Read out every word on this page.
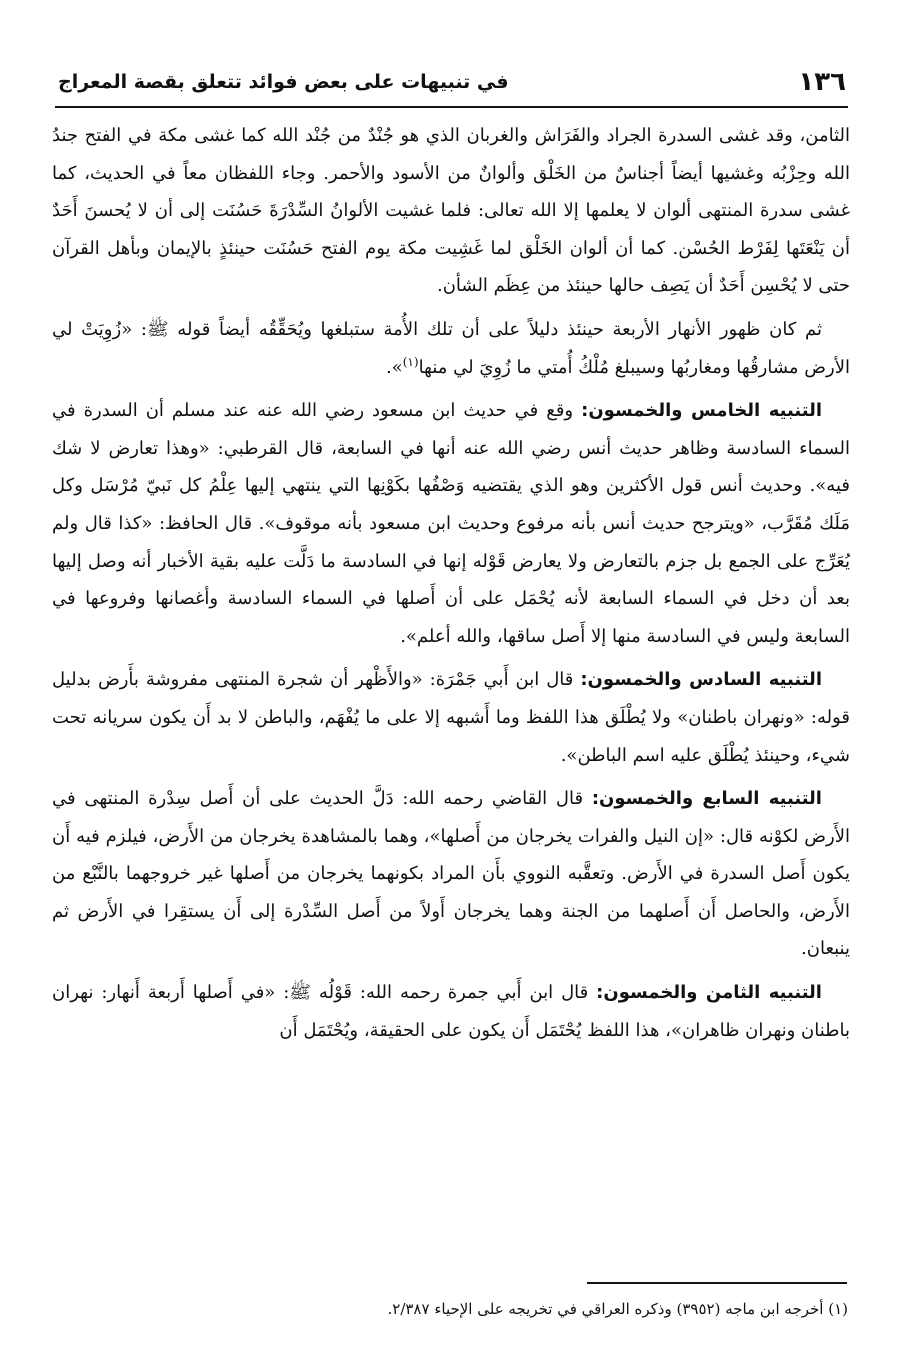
١٣٦
في تنبيهات على بعض فوائد تتعلق بقصة المعراج

الثامن، وقد غشى السدرة الجراد والفَرَاش والغربان الذي هو جُنْدٌ من جُنْد الله كما غشى مكة في الفتح جندُ الله وحِزْبُه وغشيها أيضاً أجناسٌ من الخَلْق وألوانٌ من الأسود والأحمر. وجاء اللفظان معاً في الحديث، كما غشى سدرة المنتهى ألوان لا يعلمها إلا الله تعالى: فلما غشيت الألوانُ السِّدْرَةَ حَسُنَت إلى أن لا يُحسنَ أَحَدٌ أن يَنْعَتَها لِفَرْط الحُسْن. كما أن ألوان الخَلْق لما غَشِيت مكة يوم الفتح حَسُنَت حينئذٍ بالإيمان وبأهل القرآن حتى لا يُحْسِن أَحَدٌ أن يَصِف حالها حينئذ من عِظَم الشأن.

ثم كان ظهور الأنهار الأربعة حينئذ دليلاً على أن تلك الأُمة ستبلغها ويُحَقِّقُه أيضاً قوله ﷺ: «زُوِيَتْ لي الأرض مشارقُها ومغاربُها وسيبلغ مُلْكُ أُمتي ما زُوِيَ لي منها$^{(١)}$».

التنبيه الخامس والخمسون: وقع في حديث ابن مسعود رضي الله عنه عند مسلم أن السدرة في السماء السادسة وظاهر حديث أنس رضي الله عنه أنها في السابعة، قال القرطبي: «وهذا تعارض لا شك فيه». وحديث أنس قول الأكثرين وهو الذي يقتضيه وَصْفُها بكَوْنِها التي ينتهي إليها عِلْمُ كل نَبيّ مُرْسَل وكل مَلَك مُقَرَّب، «ويترجح حديث أنس بأنه مرفوع وحديث ابن مسعود بأنه موقوف». قال الحافظ: «كذا قال ولم يُعَرِّج على الجمع بل جزم بالتعارض ولا يعارض قَوْله إنها في السادسة ما دَلَّت عليه بقية الأخبار أنه وصل إليها بعد أن دخل في السماء السابعة لأنه يُحْمَل على أن أَصلها في السماء السادسة وأغصانها وفروعها في السابعة وليس في السادسة منها إلا أَصل ساقها، والله أعلم».

التنبيه السادس والخمسون: قال ابن أَبي جَمْرَة: «والأَظْهر أن شجرة المنتهى مفروشة بأَرض بدليل قوله: «ونهران باطنان» ولا يُطْلَق هذا اللفظ وما أَشبهه إلا على ما يُفْهَم، والباطن لا بد أَن يكون سريانه تحت شيء، وحينئذ يُطْلَق عليه اسم الباطن».

التنبيه السابع والخمسون: قال القاضي رحمه الله: دَلَّ الحديث على أن أَصل سِدْرة المنتهى في الأَرض لكوْنه قال: «إن النيل والفرات يخرجان من أَصلها»، وهما بالمشاهدة يخرجان من الأَرض، فيلزم فيه أَن يكون أَصل السدرة في الأَرض. وتعقَّبه النووي بأَن المراد بكونهما يخرجان من أَصلها غير خروجهما بالنَّبْع من الأَرض، والحاصل أَن أَصلهما من الجنة وهما يخرجان أَولاً من أَصل السِّدْرة إلى أَن يستقِرا في الأَرض ثم ينبعان.

التنبيه الثامن والخمسون: قال ابن أَبي جمرة رحمه الله: قَوْلُه ﷺ: «في أَصلها أَربعة أَنهار: نهران باطنان ونهران ظاهران»، هذا اللفظ يُحْتَمَل أَن يكون على الحقيقة، ويُحْتَمَل أَن

(١) أخرجه ابن ماجه (٣٩٥٢) وذكره العراقي في تخريجه على الإحياء ٢/٣٨٧.
